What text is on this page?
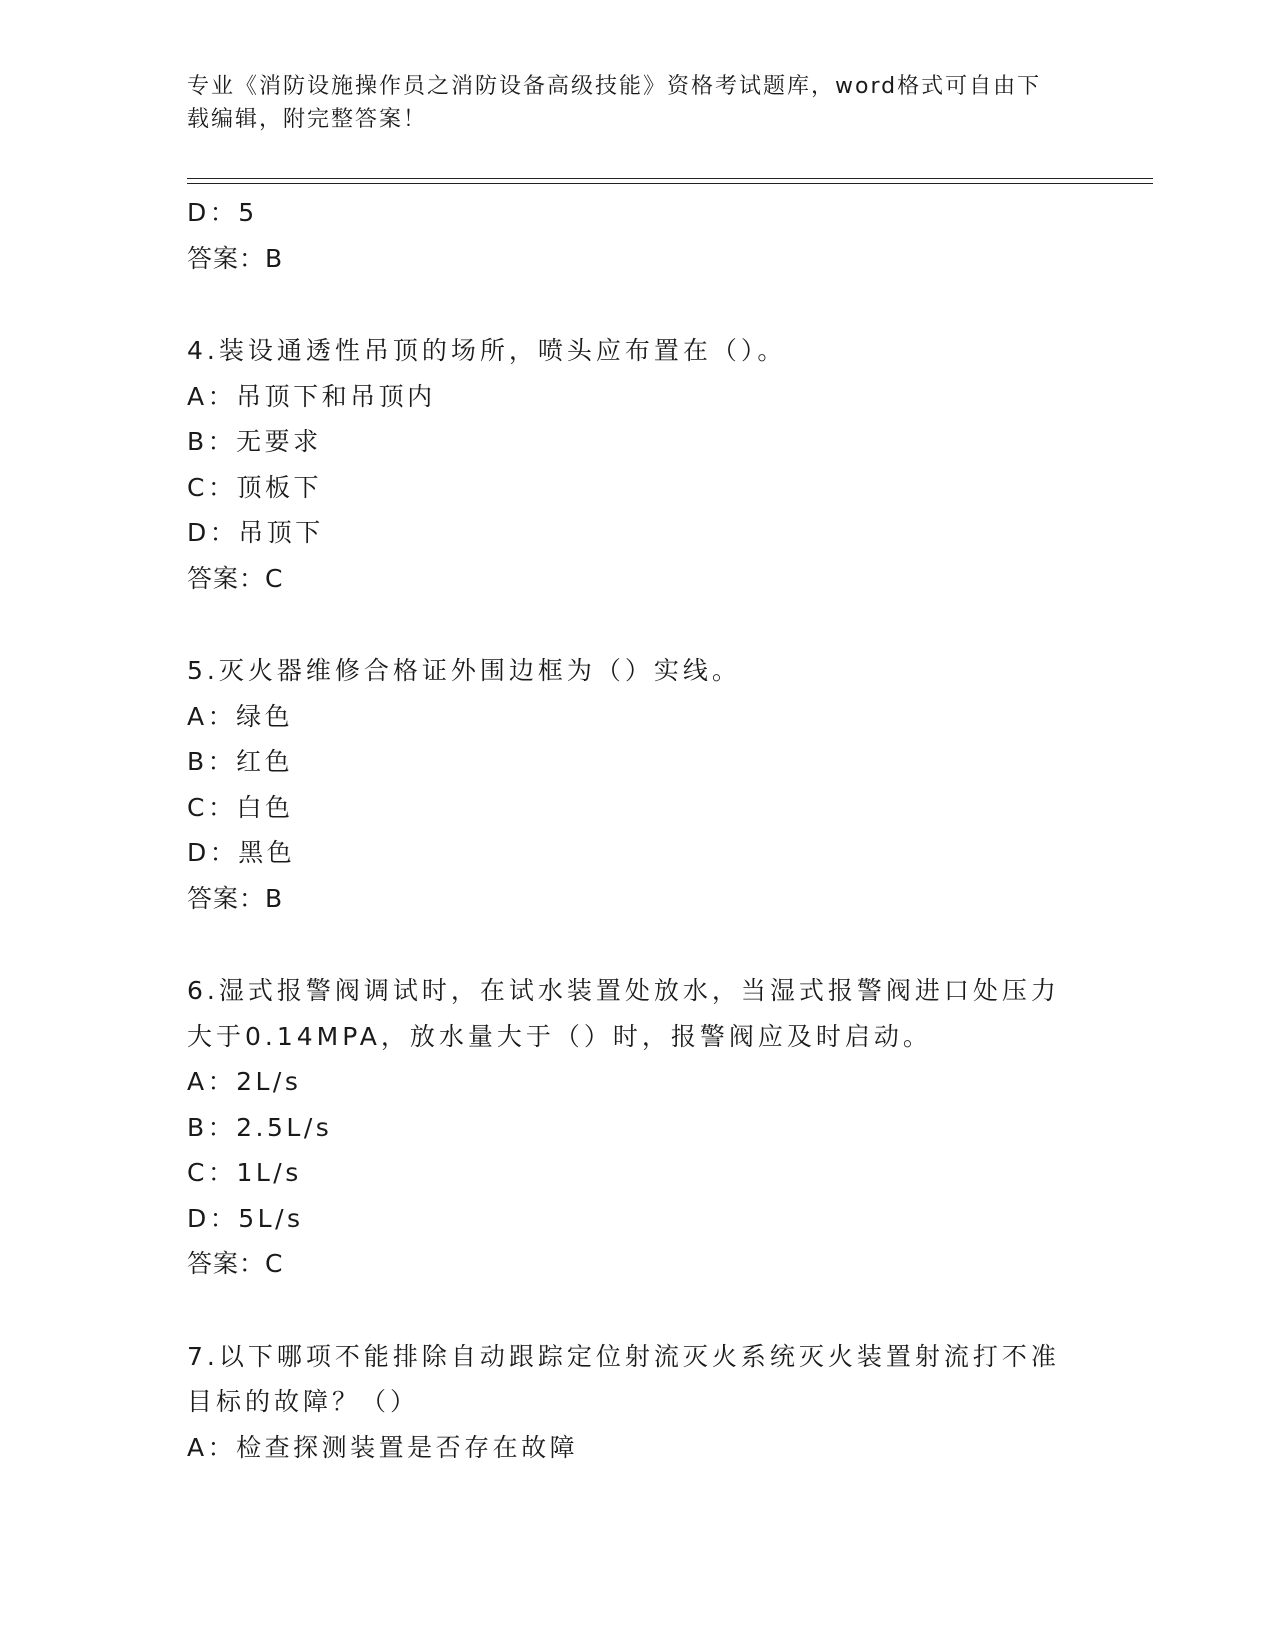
专业《消防设施操作员之消防设备高级技能》资格考试题库，word格式可自由下
载编辑，附完整答案！
D：5
答案：B
4.装设通透性吊顶的场所，喷头应布置在（）。
A：吊顶下和吊顶内
B：无要求
C：顶板下
D：吊顶下
答案：C
5.灭火器维修合格证外围边框为（）实线。
A：绿色
B：红色
C：白色
D：黑色
答案：B
6.湿式报警阀调试时，在试水装置处放水，当湿式报警阀进口处压力
大于0.14MPA，放水量大于（）时，报警阀应及时启动。
A：2L/s
B：2.5L/s
C：1L/s
D：5L/s
答案：C
7.以下哪项不能排除自动跟踪定位射流灭火系统灭火装置射流打不准
目标的故障？（）
A：检查探测装置是否存在故障
